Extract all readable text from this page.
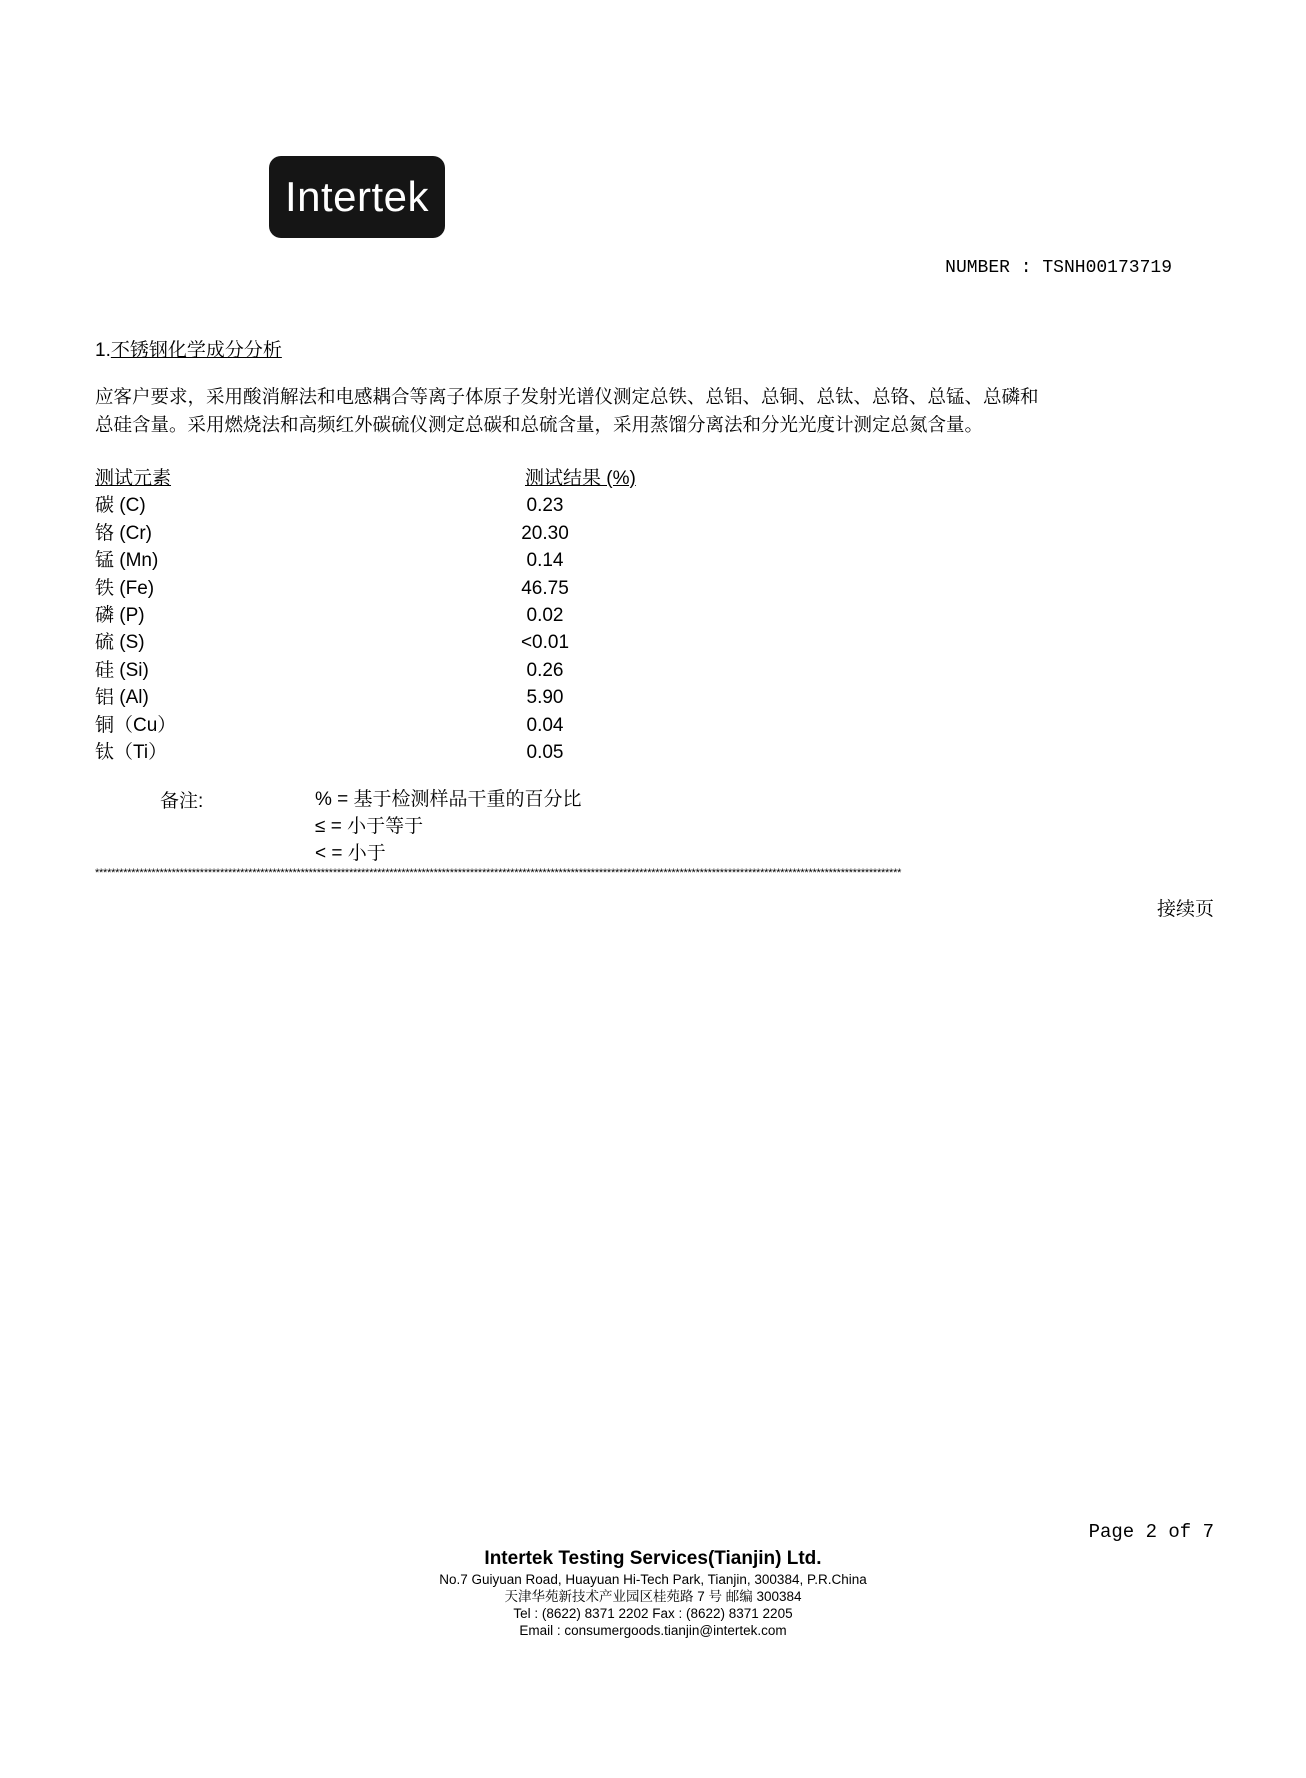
Intertek
NUMBER : TSNH00173719
1.不锈钢化学成分分析

应客户要求，采用酸消解法和电感耦合等离子体原子发射光谱仪测定总铁、总铝、总铜、总钛、总铬、总锰、总磷和

总硅含量。采用燃烧法和高频红外碳硫仪测定总碳和总硫含量，采用蒸馏分离法和分光光度计测定总氮含量。

测试元素	测试结果 (%)
碳 (C)	0.23
铬 (Cr)	20.30
锰 (Mn)	0.14
铁 (Fe)	46.75
磷 (P)	0.02
硫 (S)	<0.01
硅 (Si)	0.26
铝 (Al)	5.90
铜（Cu）	0.04
钛（Ti）	0.05
备注:	% = 基于检测样品干重的百分比
≤ = 小于等于
< = 小于
********************************************************************************************************************************************************************************************************
接续页
Page 2 of 7
Intertek Testing Services(Tianjin) Ltd.
No.7 Guiyuan Road, Huayuan Hi-Tech Park, Tianjin, 300384, P.R.China
天津华苑新技术产业园区桂苑路 7 号 邮编 300384
Tel : (8622) 8371 2202 Fax : (8622) 8371 2205
Email : consumergoods.tianjin@intertek.com
